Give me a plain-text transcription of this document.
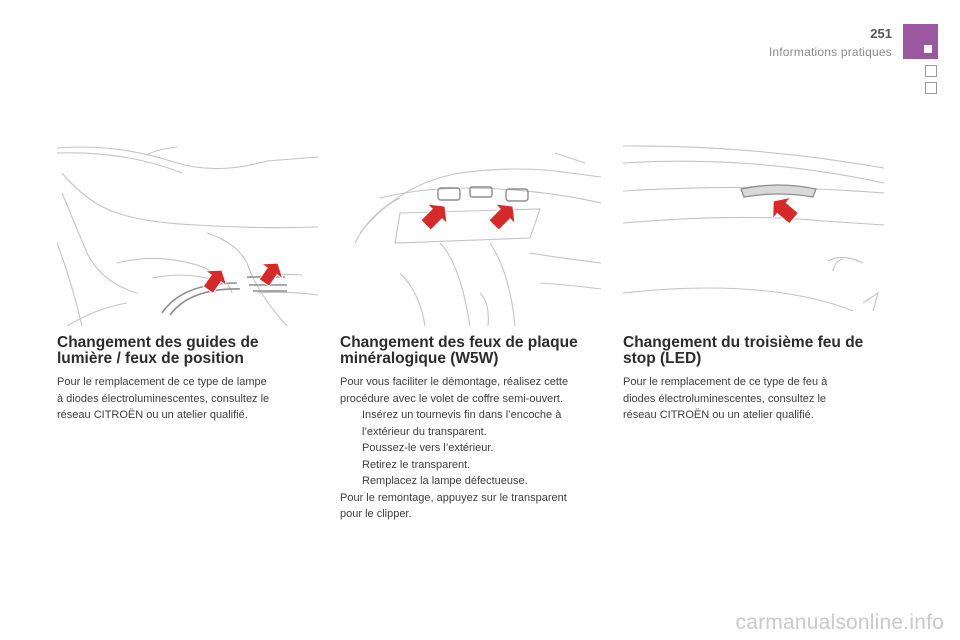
251
Informations pratiques
Changement des guides de
lumière / feux de position

Pour le remplacement de ce type de lampe

à diodes électroluminescentes, consultez le

réseau CITROËN ou un atelier qualifié.

Changement des feux de plaque
minéralogique (W5W)

Pour vous faciliter le démontage, réalisez cette

procédure avec le volet de coffre semi-ouvert.

Insérez un tournevis fin dans l’encoche à
l’extérieur du transparent.
Poussez-le vers l’extérieur.
Retirez le transparent.
Remplacez la lampe défectueuse.

Pour le remontage, appuyez sur le transparent

pour le clipper.

Changement du troisième feu de
stop (LED)

Pour le remplacement de ce type de feu à

diodes électroluminescentes, consultez le

réseau CITROËN ou un atelier qualifié.

carmanualsonline.info
